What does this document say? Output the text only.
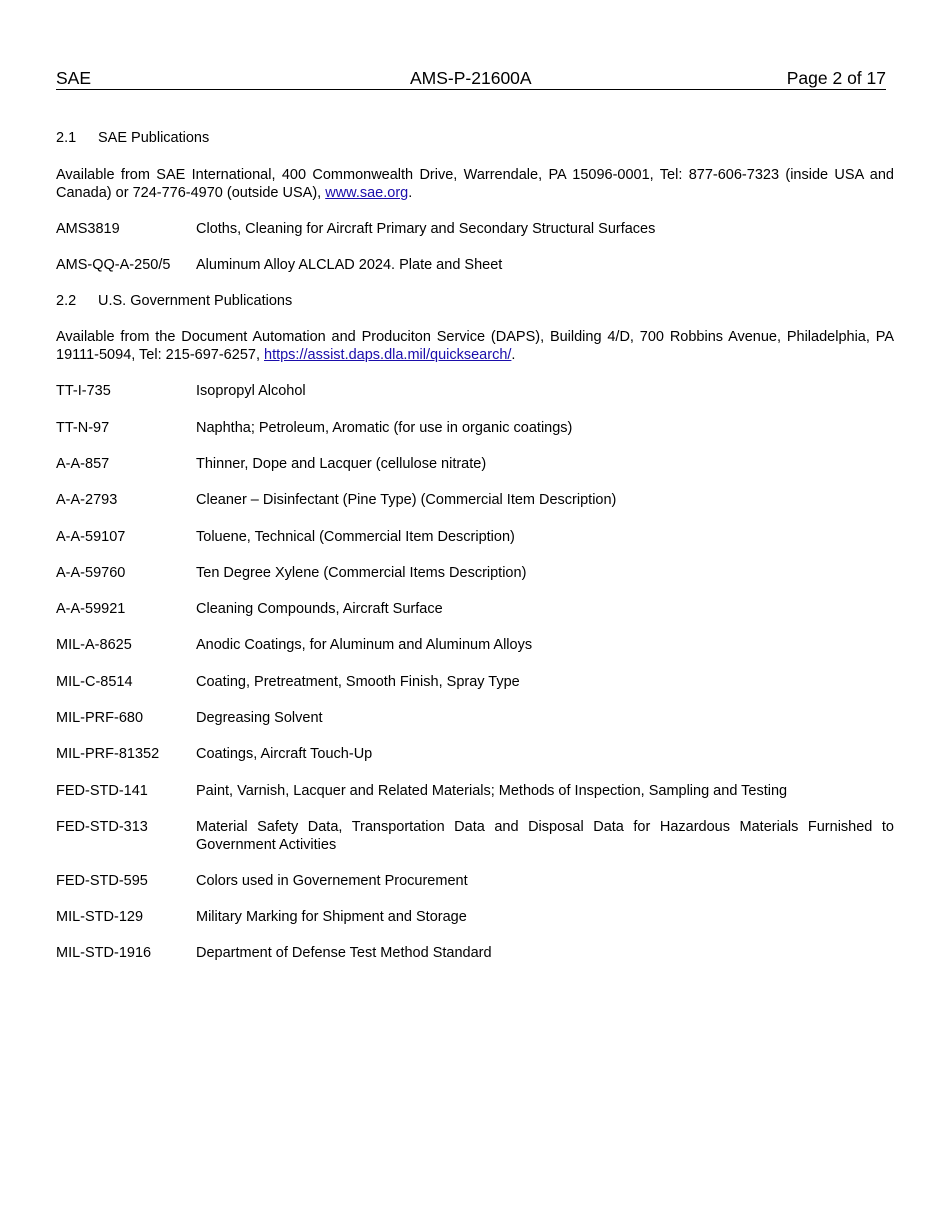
SAE	AMS-P-21600A	Page 2 of 17
2.1 SAE Publications
Available from SAE International, 400 Commonwealth Drive, Warrendale, PA 15096-0001, Tel: 877-606-7323 (inside USA and Canada) or 724-776-4970 (outside USA), www.sae.org.
AMS3819	Cloths, Cleaning for Aircraft Primary and Secondary Structural Surfaces
AMS-QQ-A-250/5	Aluminum Alloy ALCLAD 2024. Plate and Sheet
2.2 U.S. Government Publications
Available from the Document Automation and Produciton Service (DAPS), Building 4/D, 700 Robbins Avenue, Philadelphia, PA 19111-5094, Tel: 215-697-6257, https://assist.daps.dla.mil/quicksearch/.
TT-I-735	Isopropyl Alcohol
TT-N-97	Naphtha; Petroleum, Aromatic (for use in organic coatings)
A-A-857	Thinner, Dope and Lacquer (cellulose nitrate)
A-A-2793	Cleaner – Disinfectant (Pine Type) (Commercial Item Description)
A-A-59107	Toluene, Technical (Commercial Item Description)
A-A-59760	Ten Degree Xylene (Commercial Items Description)
A-A-59921	Cleaning Compounds, Aircraft Surface
MIL-A-8625	Anodic Coatings, for Aluminum and Aluminum Alloys
MIL-C-8514	Coating, Pretreatment, Smooth Finish, Spray Type
MIL-PRF-680	Degreasing Solvent
MIL-PRF-81352	Coatings, Aircraft Touch-Up
FED-STD-141	Paint, Varnish, Lacquer and Related Materials; Methods of Inspection, Sampling and Testing
FED-STD-313	Material Safety Data, Transportation Data and Disposal Data for Hazardous Materials Furnished to Government Activities
FED-STD-595	Colors used in Governement Procurement
MIL-STD-129	Military Marking for Shipment and Storage
MIL-STD-1916	Department of Defense Test Method Standard
